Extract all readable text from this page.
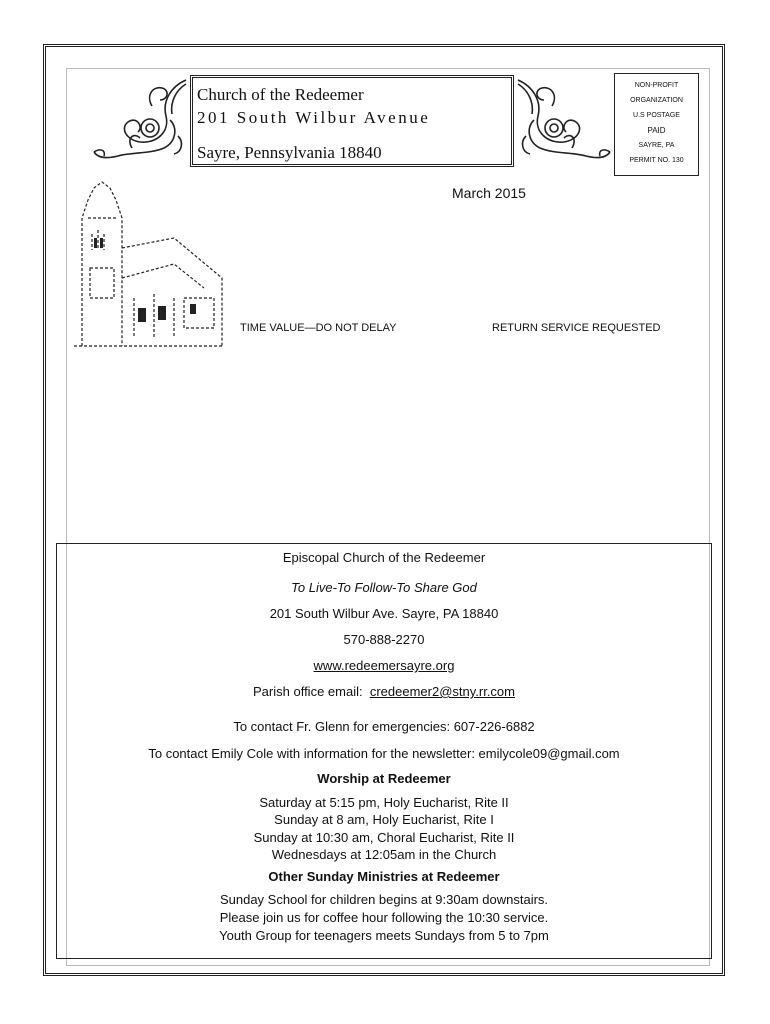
Church of the Redeemer
201 South Wilbur Avenue
Sayre, Pennsylvania 18840
NON-PROFIT
ORGANIZATION
U.S POSTAGE
PAID
SAYRE, PA
PERMIT NO. 130
March 2015
TIME VALUE—DO NOT DELAY	RETURN SERVICE REQUESTED
Episcopal Church of the Redeemer
To Live-To Follow-To Share God
201 South Wilbur Ave. Sayre, PA 18840
570-888-2270
www.redeemersayre.org
Parish office email: credeemer2@stny.rr.com
To contact Fr. Glenn for emergencies: 607-226-6882
To contact Emily Cole with information for the newsletter: emilycole09@gmail.com
Worship at Redeemer
Saturday at 5:15 pm, Holy Eucharist, Rite II
Sunday at 8 am, Holy Eucharist, Rite I
Sunday at 10:30 am, Choral Eucharist, Rite II
Wednesdays at 12:05am in the Church
Other Sunday Ministries at Redeemer
Sunday School for children begins at 9:30am downstairs.
Please join us for coffee hour following the 10:30 service.
Youth Group for teenagers meets Sundays from 5 to 7pm
